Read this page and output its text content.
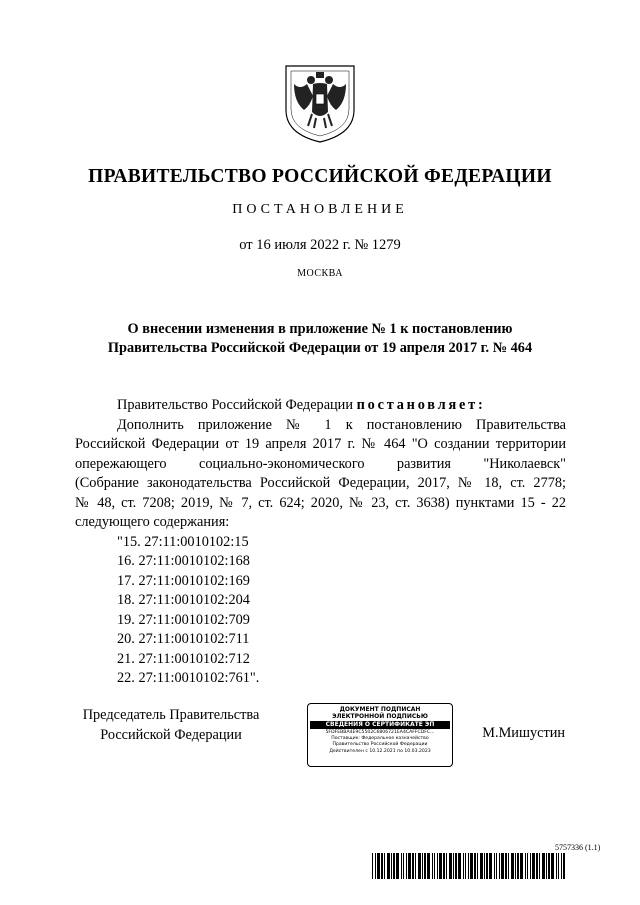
ПРАВИТЕЛЬСТВО РОССИЙСКОЙ ФЕДЕРАЦИИ
ПОСТАНОВЛЕНИЕ
от 16 июля 2022 г. № 1279
МОСКВА
О внесении изменения в приложение № 1 к постановлению
Правительства Российской Федерации от 19 апреля 2017 г. № 464
Правительство Российской Федерации постановляет:
Дополнить приложение № 1 к постановлению Правительства
Российской Федерации от 19 апреля 2017 г. № 464 "О создании территории
опережающего социально-экономического развития "Николаевск"
(Собрание законодательства Российской Федерации, 2017, № 18, ст. 2778;
№ 48, ст. 7208; 2019, № 7, ст. 624; 2020, № 23, ст. 3638) пунктами 15 - 22
следующего содержания:
"15. 27:11:0010102:15
16. 27:11:0010102:168
17. 27:11:0010102:169
18. 27:11:0010102:204
19. 27:11:0010102:709
20. 27:11:0010102:711
21. 27:11:0010102:712
22. 27:11:0010102:761".
Председатель Правительства
Российской Федерации
ДОКУМЕНТ ПОДПИСАН
ЭЛЕКТРОННОЙ ПОДПИСЬЮ
СВЕДЕНИЯ О СЕРТИФИКАТЕ ЭП
5FDFEBBA4E9C5502C6806721EA4CAFFCDFC...
Поставщик: Федеральное казначейство
Правительство Российской Федерации
Действителен с 10.12.2021 по 10.03.2023
М.Мишустин
5757336 (1.1)
